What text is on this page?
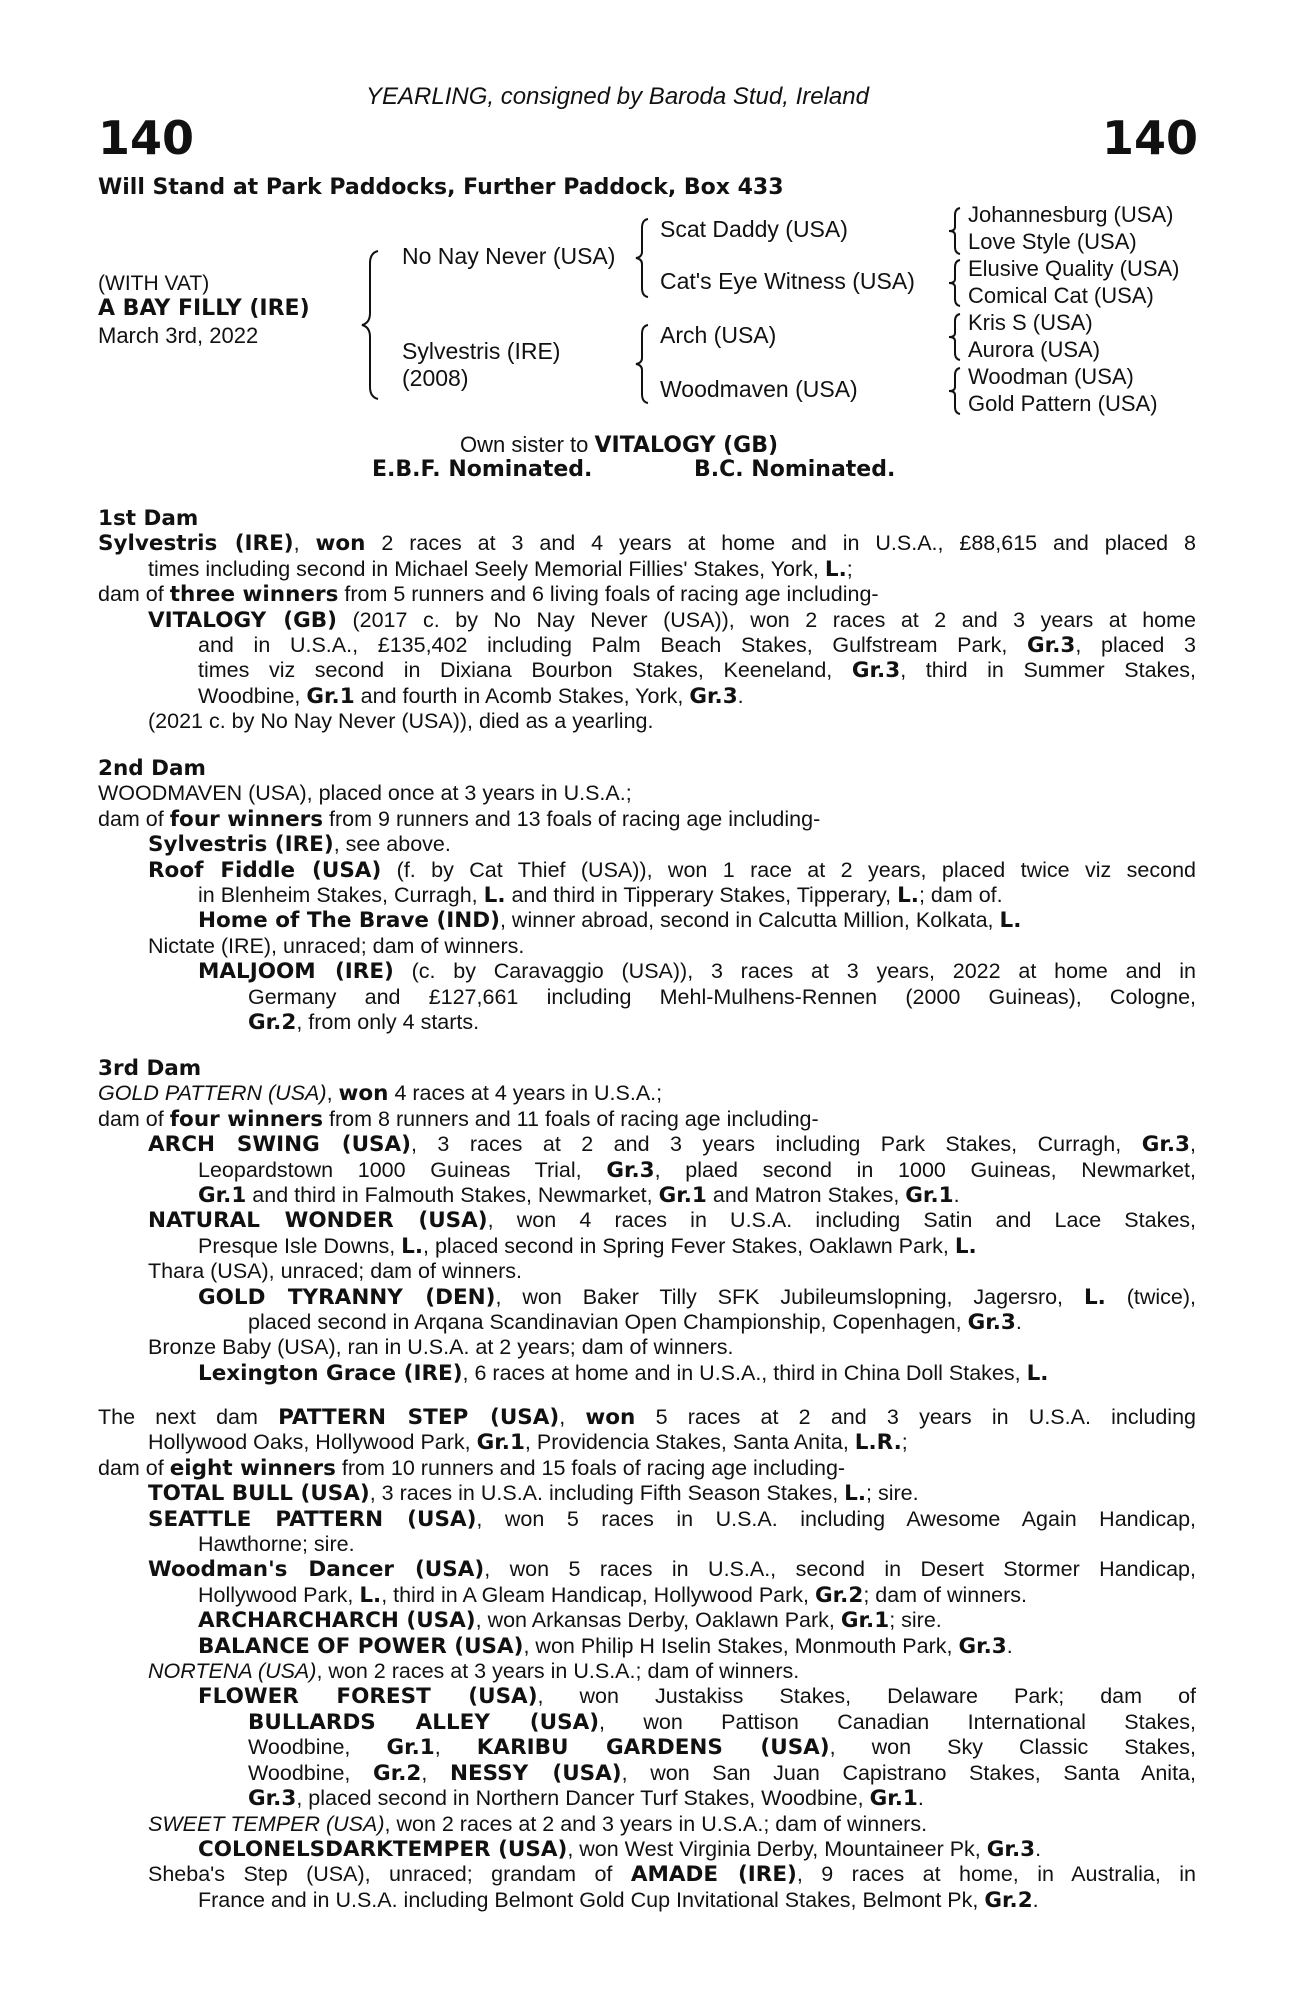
YEARLING, consigned by Baroda Stud, Ireland
140	140
Will Stand at Park Paddocks, Further Paddock, Box 433
(WITH VAT)
A BAY FILLY (IRE)
March 3rd, 2022
No Nay Never (USA)
Sylvestris (IRE)
(2008)
Scat Daddy (USA)
Cat's Eye Witness (USA)
Arch (USA)
Woodmaven (USA)
Johannesburg (USA)
Love Style (USA)
Elusive Quality (USA)
Comical Cat (USA)
Kris S (USA)
Aurora (USA)
Woodman (USA)
Gold Pattern (USA)
Own sister to VITALOGY (GB)
E.B.F. Nominated.	B.C. Nominated.
1st Dam
Sylvestris (IRE), won 2 races at 3 and 4 years at home and in U.S.A., £88,615 and placed 8
times including second in Michael Seely Memorial Fillies' Stakes, York, L.;
dam of three winners from 5 runners and 6 living foals of racing age including-
VITALOGY (GB) (2017 c. by No Nay Never (USA)), won 2 races at 2 and 3 years at home
and in U.S.A., £135,402 including Palm Beach Stakes, Gulfstream Park, Gr.3, placed 3
times viz second in Dixiana Bourbon Stakes, Keeneland, Gr.3, third in Summer Stakes,
Woodbine, Gr.1 and fourth in Acomb Stakes, York, Gr.3.
(2021 c. by No Nay Never (USA)), died as a yearling.
2nd Dam
WOODMAVEN (USA), placed once at 3 years in U.S.A.;
dam of four winners from 9 runners and 13 foals of racing age including-
Sylvestris (IRE), see above.
Roof Fiddle (USA) (f. by Cat Thief (USA)), won 1 race at 2 years, placed twice viz second
in Blenheim Stakes, Curragh, L. and third in Tipperary Stakes, Tipperary, L.; dam of.
Home of The Brave (IND), winner abroad, second in Calcutta Million, Kolkata, L.
Nictate (IRE), unraced; dam of winners.
MALJOOM (IRE) (c. by Caravaggio (USA)), 3 races at 3 years, 2022 at home and in
Germany and £127,661 including Mehl-Mulhens-Rennen (2000 Guineas), Cologne,
Gr.2, from only 4 starts.
3rd Dam
GOLD PATTERN (USA), won 4 races at 4 years in U.S.A.;
dam of four winners from 8 runners and 11 foals of racing age including-
ARCH SWING (USA), 3 races at 2 and 3 years including Park Stakes, Curragh, Gr.3,
Leopardstown 1000 Guineas Trial, Gr.3, plaed second in 1000 Guineas, Newmarket,
Gr.1 and third in Falmouth Stakes, Newmarket, Gr.1 and Matron Stakes, Gr.1.
NATURAL WONDER (USA), won 4 races in U.S.A. including Satin and Lace Stakes,
Presque Isle Downs, L., placed second in Spring Fever Stakes, Oaklawn Park, L.
Thara (USA), unraced; dam of winners.
GOLD TYRANNY (DEN), won Baker Tilly SFK Jubileumslopning, Jagersro, L. (twice),
placed second in Arqana Scandinavian Open Championship, Copenhagen, Gr.3.
Bronze Baby (USA), ran in U.S.A. at 2 years; dam of winners.
Lexington Grace (IRE), 6 races at home and in U.S.A., third in China Doll Stakes, L.
The next dam PATTERN STEP (USA), won 5 races at 2 and 3 years in U.S.A. including
Hollywood Oaks, Hollywood Park, Gr.1, Providencia Stakes, Santa Anita, L.R.;
dam of eight winners from 10 runners and 15 foals of racing age including-
TOTAL BULL (USA), 3 races in U.S.A. including Fifth Season Stakes, L.; sire.
SEATTLE PATTERN (USA), won 5 races in U.S.A. including Awesome Again Handicap,
Hawthorne; sire.
Woodman's Dancer (USA), won 5 races in U.S.A., second in Desert Stormer Handicap,
Hollywood Park, L., third in A Gleam Handicap, Hollywood Park, Gr.2; dam of winners.
ARCHARCHARCH (USA), won Arkansas Derby, Oaklawn Park, Gr.1; sire.
BALANCE OF POWER (USA), won Philip H Iselin Stakes, Monmouth Park, Gr.3.
NORTENA (USA), won 2 races at 3 years in U.S.A.; dam of winners.
FLOWER FOREST (USA), won Justakiss Stakes, Delaware Park; dam of
BULLARDS ALLEY (USA), won Pattison Canadian International Stakes,
Woodbine, Gr.1, KARIBU GARDENS (USA), won Sky Classic Stakes,
Woodbine, Gr.2, NESSY (USA), won San Juan Capistrano Stakes, Santa Anita,
Gr.3, placed second in Northern Dancer Turf Stakes, Woodbine, Gr.1.
SWEET TEMPER (USA), won 2 races at 2 and 3 years in U.S.A.; dam of winners.
COLONELSDARKTEMPER (USA), won West Virginia Derby, Mountaineer Pk, Gr.3.
Sheba's Step (USA), unraced; grandam of AMADE (IRE), 9 races at home, in Australia, in
France and in U.S.A. including Belmont Gold Cup Invitational Stakes, Belmont Pk, Gr.2.
